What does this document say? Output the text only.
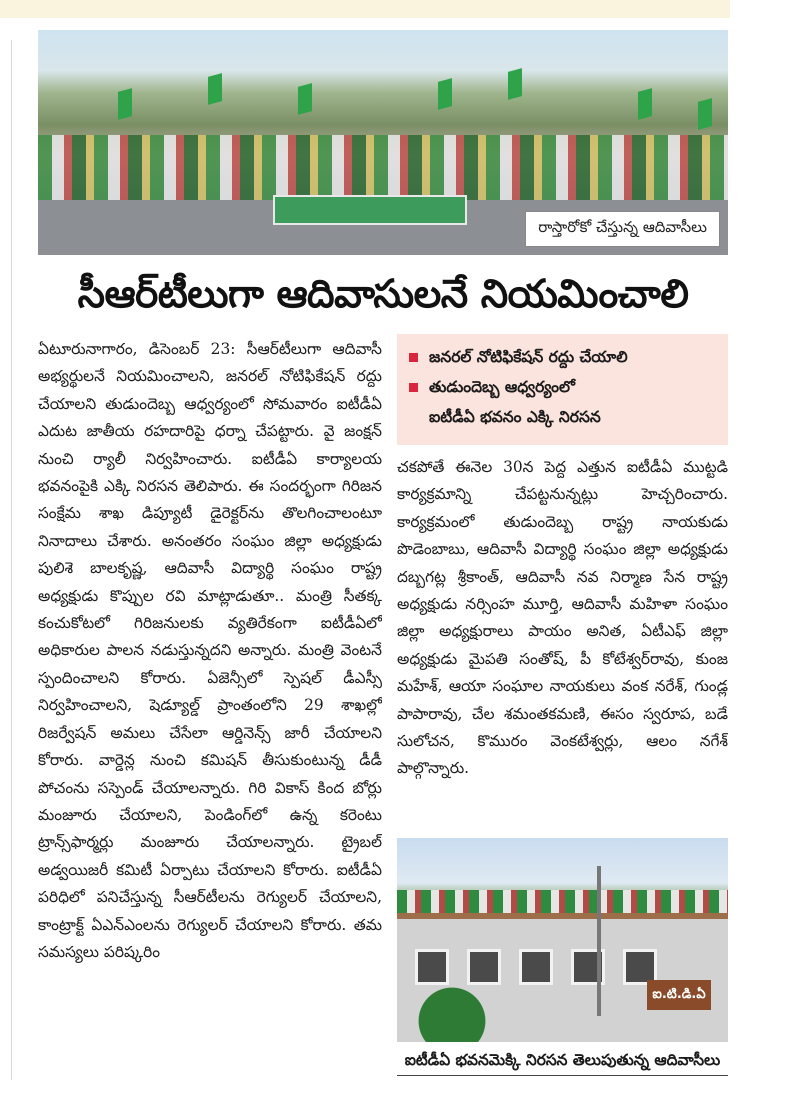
రాస్తారోకో చేస్తున్న ఆదివాసీలు
సీఆర్‌టీలుగా ఆదివాసులనే నియమించాలి

ఏటూరునాగారం, డిసెంబర్‌ 23: సీఆర్‌టీలుగా ఆదివాసీ అభ్యర్థులనే నియమించాలని, జనరల్‌ నోటిఫికేషన్‌ రద్దు చేయాలని తుడుందెబ్బ ఆధ్వర్యంలో సోమవారం ఐటీడీఏ ఎదుట జాతీయ రహదారిపై ధర్నా చేపట్టారు. వై జంక్షన్‌ నుంచి ర్యాలీ నిర్వహించారు. ఐటీడీఏ కార్యాలయ భవనంపైకి ఎక్కి నిరసన తెలిపారు. ఈ సందర్భంగా గిరిజన సంక్షేమ శాఖ డిప్యూటీ డైరెక్టర్‌ను తొలగించాలంటూ నినాదాలు చేశారు. అనంతరం సంఘం జిల్లా అధ్యక్షుడు పులిశె బాలకృష్ణ, ఆదివాసీ విద్యార్థి సంఘం రాష్ట్ర అధ్యక్షుడు కొప్పుల రవి మాట్లాడుతూ.. మంత్రి సీతక్క కంచుకోటలో గిరిజనులకు వ్యతిరేకంగా ఐటీడీఏలో అధికారుల పాలన నడుస్తున్నదని అన్నారు. మంత్రి వెంటనే స్పందించాలని కోరారు. ఏజెన్సీలో స్పెషల్‌ డీఎస్సీ నిర్వహించాలని, షెడ్యూల్డ్‌ ప్రాంతంలోని 29 శాఖల్లో రిజర్వేషన్‌ అమలు చేసేలా ఆర్డినెన్స్‌ జారీ చేయాలని కోరారు. వార్డెన్ల నుంచి కమిషన్‌ తీసుకుంటున్న డీడీ పోచంను సస్పెండ్‌ చేయాలన్నారు. గిరి వికాస్‌ కింద బోర్లు మంజూరు చేయాలని, పెండింగ్‌లో ఉన్న కరెంటు ట్రాన్స్‌ఫార్మర్లు మంజూరు చేయాలన్నారు. ట్రైబల్‌ అడ్వయిజరీ కమిటీ ఏర్పాటు చేయాలని కోరారు. ఐటీడీఏ పరిధిలో పనిచేస్తున్న సీఆర్‌టీలను రెగ్యులర్‌ చేయాలని, కాంట్రాక్ట్‌ ఏఎన్‌ఎంలను రెగ్యులర్‌ చేయాలని కోరారు. తమ సమస్యలు పరిష్కరిం

జనరల్‌ నోటిఫికేషన్‌ రద్దు చేయాలి
తుడుందెబ్బ ఆధ్వర్యంలో
ఐటీడీఏ భవనం ఎక్కి నిరసన

చకపోతే ఈనెల 30న పెద్ద ఎత్తున ఐటీడీఏ ముట్టడి కార్యక్రమాన్ని చేపట్టనున్నట్లు హెచ్చరించారు. కార్యక్రమంలో తుడుందెబ్బ రాష్ట్ర నాయకుడు పొడెంబాబు, ఆదివాసీ విద్యార్థి సంఘం జిల్లా అధ్యక్షుడు దబ్బగట్ల శ్రీకాంత్‌, ఆదివాసీ నవ నిర్మాణ సేన రాష్ట్ర అధ్యక్షుడు నర్సింహ మూర్తి, ఆదివాసీ మహిళా సంఘం జిల్లా అధ్యక్షురాలు పాయం అనిత, ఏటీఎఫ్‌ జిల్లా అధ్యక్షుడు మైపతి సంతోష్‌, పీ కోటేశ్వర్‌రావు, కుంజ మహేశ్‌, ఆయా సంఘాల నాయకులు వంక నరేశ్‌, గుండ్ల పాపారావు, చేల శమంతకమణి, ఈసం స్వరూప, బడే సులోచన, కొమురం వెంకటేశ్వర్లు, ఆలం నగేశ్‌ పాల్గొన్నారు.

ఐ.టి.డి.ఏ
ఐటీడీఏ భవనమెక్కి నిరసన తెలుపుతున్న ఆదివాసీలు
